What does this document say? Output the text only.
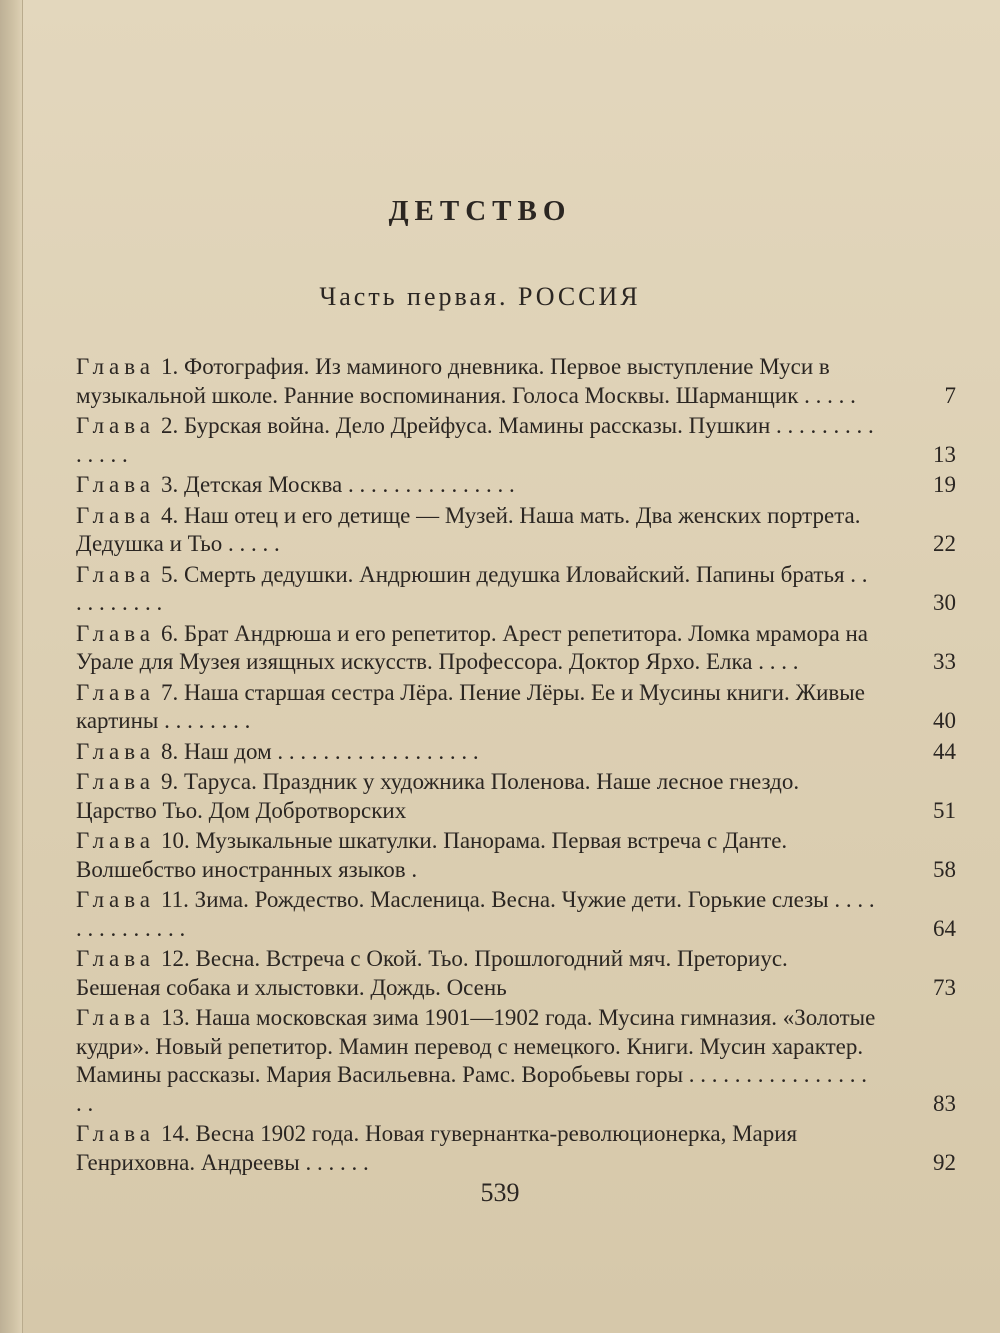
ДЕТСТВО
Часть первая. РОССИЯ
Глава 1. Фотография. Из маминого дневника. Первое выступление Муси в музыкальной школе. Ранние воспоминания. Голоса Москвы. Шарманщик . . . . .	7
Глава 2. Бурская война. Дело Дрейфуса. Мамины рассказы. Пушкин . . . . . . . . . . . . . .	13
Глава 3. Детская Москва . . . . . . . . . . . . . . .	19
Глава 4. Наш отец и его детище — Музей. Наша мать. Два женских портрета. Дедушка и Тьо . . . . .	22
Глава 5. Смерть дедушки. Андрюшин дедушка Иловайский. Папины братья . . . . . . . . . .	30
Глава 6. Брат Андрюша и его репетитор. Арест репетитора. Ломка мрамора на Урале для Музея изящных искусств. Профессора. Доктор Ярхо. Елка . . . .	33
Глава 7. Наша старшая сестра Лёра. Пение Лёры. Ее и Мусины книги. Живые картины . . . . . . . .	40
Глава 8. Наш дом . . . . . . . . . . . . . . . . . .	44
Глава 9. Таруса. Праздник у художника Поленова. Наше лесное гнездо. Царство Тьо. Дом Добротворских	51
Глава 10. Музыкальные шкатулки. Панорама. Первая встреча с Данте. Волшебство иностранных языков .	58
Глава 11. Зима. Рождество. Масленица. Весна. Чужие дети. Горькие слезы . . . . . . . . . . . . . .	64
Глава 12. Весна. Встреча с Окой. Тьо. Прошлогодний мяч. Преториус. Бешеная собака и хлыстовки. Дождь. Осень	73
Глава 13. Наша московская зима 1901—1902 года. Мусина гимназия. «Золотые кудри». Новый репетитор. Мамин перевод с немецкого. Книги. Мусин характер. Мамины рассказы. Мария Васильевна. Рамс. Воробьевы горы . . . . . . . . . . . . . . . . . .	83
Глава 14. Весна 1902 года. Новая гувернантка-революционерка, Мария Генриховна. Андреевы . . . . . .	92
539
